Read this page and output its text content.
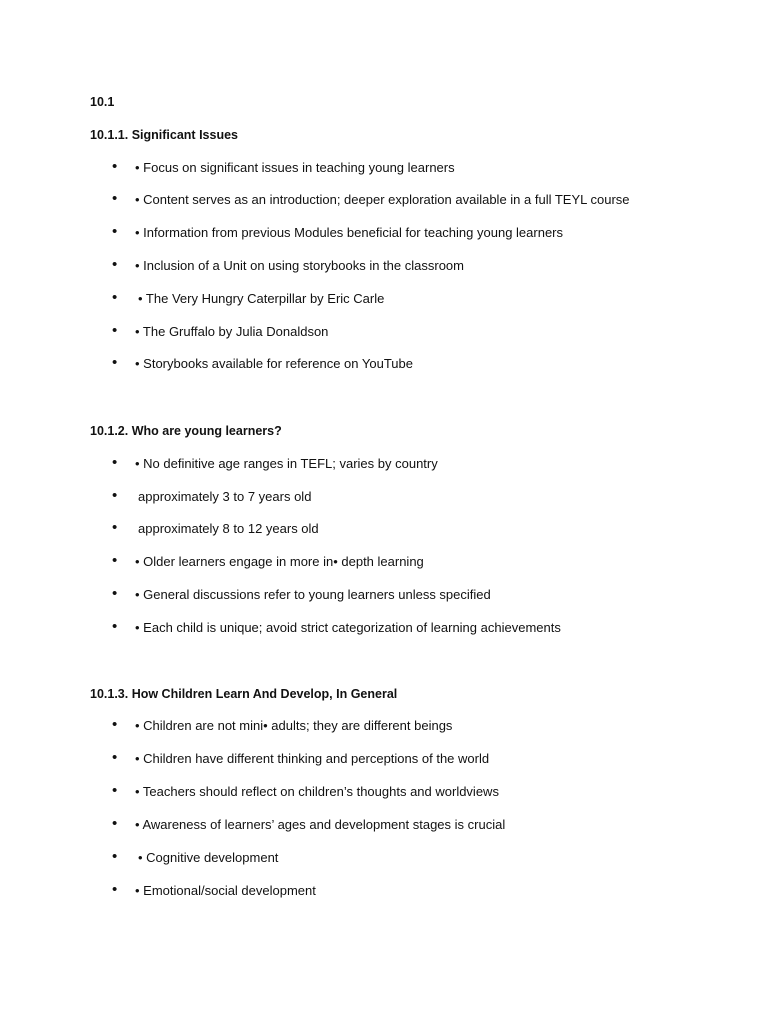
10.1
10.1.1. Significant Issues
• • Focus on significant issues in teaching young learners
• • Content serves as an introduction; deeper exploration available in a full TEYL course
• • Information from previous Modules beneficial for teaching young learners
• • Inclusion of a Unit on using storybooks in the classroom
• • The Very Hungry Caterpillar by Eric Carle
• • The Gruffalo by Julia Donaldson
• • Storybooks available for reference on YouTube
10.1.2. Who are young learners?
• • No definitive age ranges in TEFL; varies by country
• approximately 3 to 7 years old
• approximately 8 to 12 years old
• • Older learners engage in more in• depth learning
• • General discussions refer to young learners unless specified
• • Each child is unique; avoid strict categorization of learning achievements
10.1.3. How Children Learn And Develop, In General
• • Children are not mini• adults; they are different beings
• • Children have different thinking and perceptions of the world
• • Teachers should reflect on children’s thoughts and worldviews
• • Awareness of learners’ ages and development stages is crucial
• • Cognitive development
• • Emotional/social development
